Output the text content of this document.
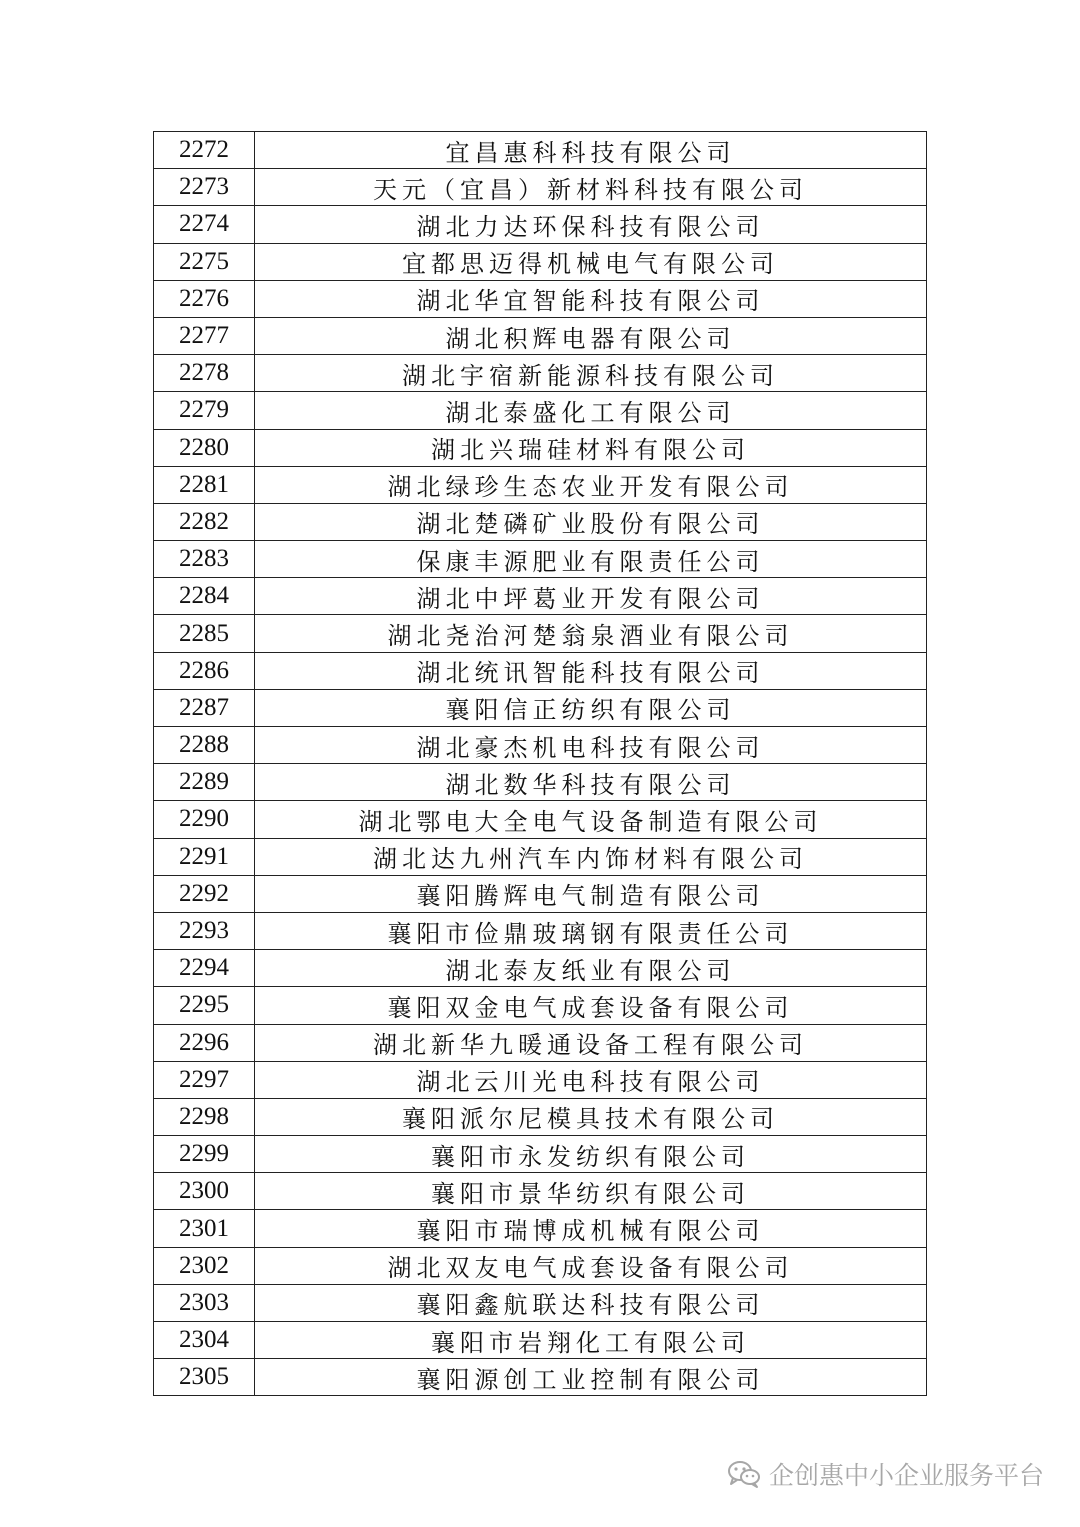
2272	宜昌惠科科技有限公司
2273	天元（宜昌）新材料科技有限公司
2274	湖北力达环保科技有限公司
2275	宜都思迈得机械电气有限公司
2276	湖北华宜智能科技有限公司
2277	湖北积辉电器有限公司
2278	湖北宇宿新能源科技有限公司
2279	湖北泰盛化工有限公司
2280	湖北兴瑞硅材料有限公司
2281	湖北绿珍生态农业开发有限公司
2282	湖北楚磷矿业股份有限公司
2283	保康丰源肥业有限责任公司
2284	湖北中坪葛业开发有限公司
2285	湖北尧治河楚翁泉酒业有限公司
2286	湖北统讯智能科技有限公司
2287	襄阳信正纺织有限公司
2288	湖北豪杰机电科技有限公司
2289	湖北数华科技有限公司
2290	湖北鄂电大全电气设备制造有限公司
2291	湖北达九州汽车内饰材料有限公司
2292	襄阳腾辉电气制造有限公司
2293	襄阳市俭鼎玻璃钢有限责任公司
2294	湖北泰友纸业有限公司
2295	襄阳双金电气成套设备有限公司
2296	湖北新华九暖通设备工程有限公司
2297	湖北云川光电科技有限公司
2298	襄阳派尔尼模具技术有限公司
2299	襄阳市永发纺织有限公司
2300	襄阳市景华纺织有限公司
2301	襄阳市瑞博成机械有限公司
2302	湖北双友电气成套设备有限公司
2303	襄阳鑫航联达科技有限公司
2304	襄阳市岩翔化工有限公司
2305	襄阳源创工业控制有限公司
企创惠中小企业服务平台
